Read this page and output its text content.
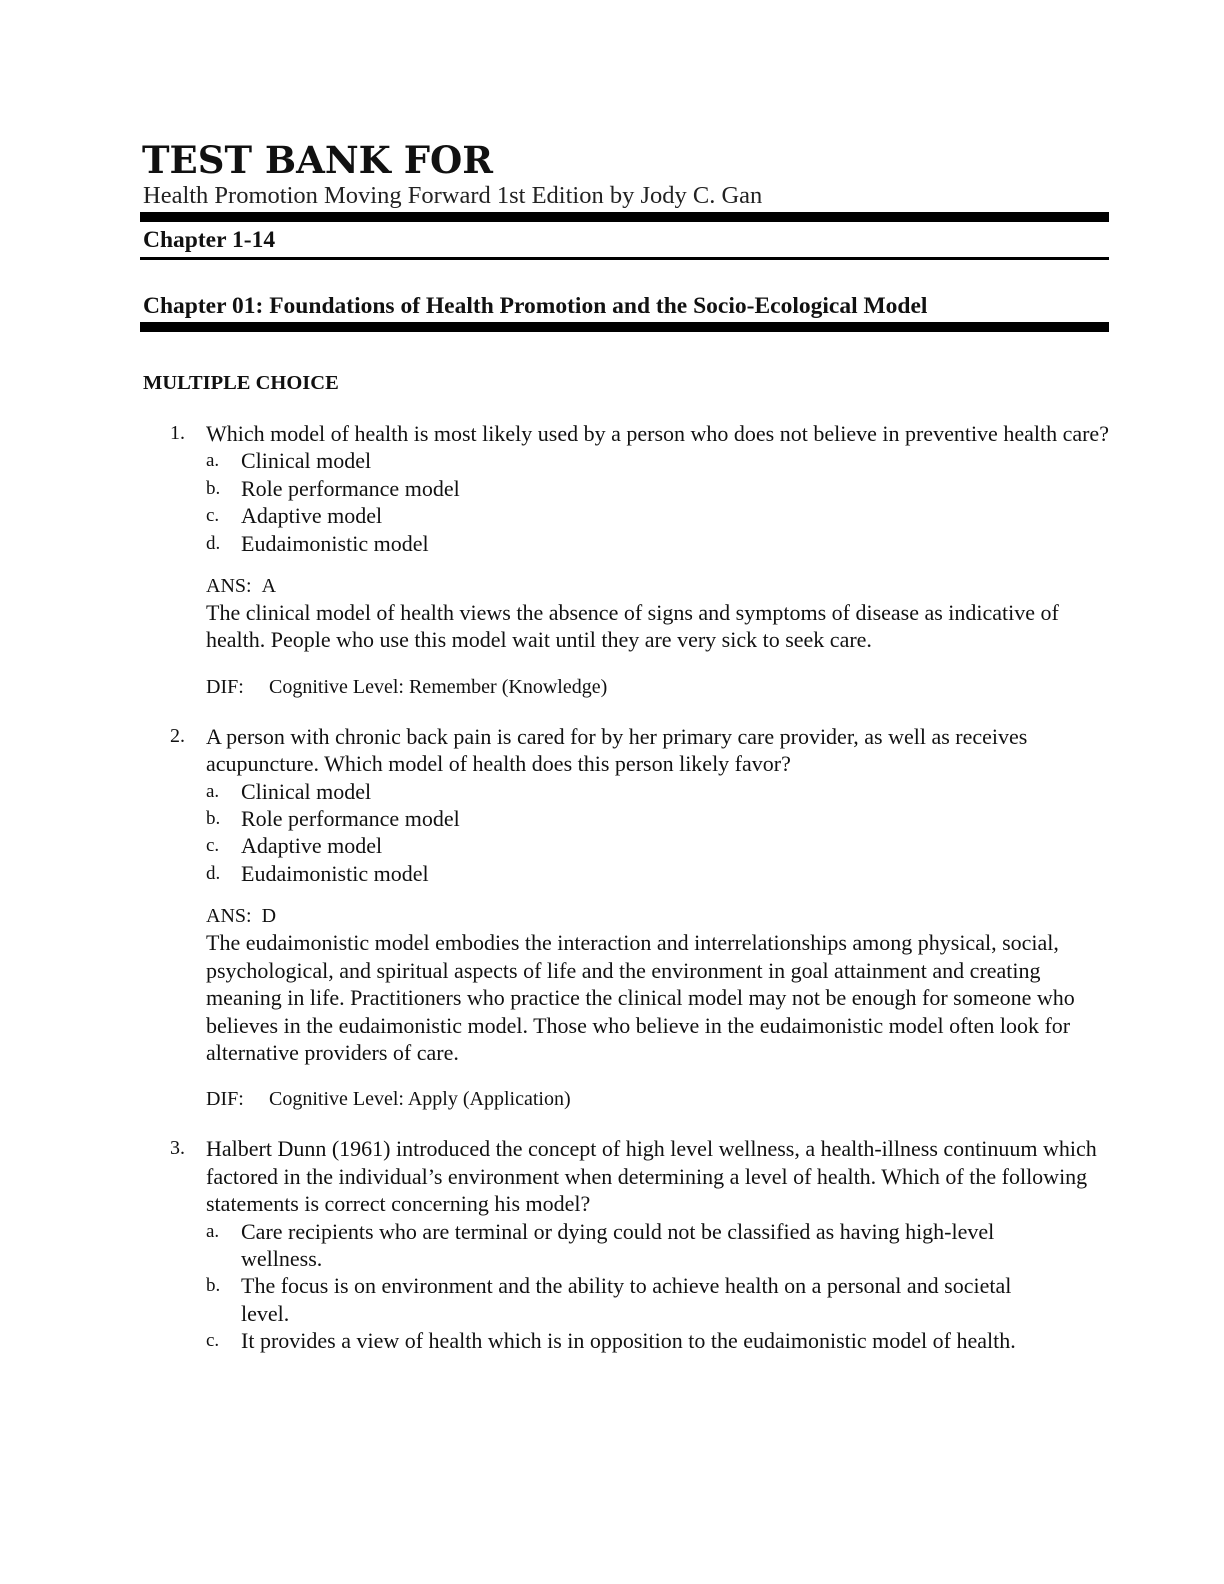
TEST BANK FOR
Health Promotion Moving Forward 1st Edition by Jody C. Gan
Chapter 1-14
Chapter 01: Foundations of Health Promotion and the Socio-Ecological Model
MULTIPLE CHOICE
1. Which model of health is most likely used by a person who does not believe in preventive health care?

a. Clinical model
b. Role performance model
c. Adaptive model
d. Eudaimonistic model
ANS: A

The clinical model of health views the absence of signs and symptoms of disease as indicative of health. People who use this model wait until they are very sick to seek care.

DIF: Cognitive Level: Remember (Knowledge)
2. A person with chronic back pain is cared for by her primary care provider, as well as receives acupuncture. Which model of health does this person likely favor?

a. Clinical model
b. Role performance model
c. Adaptive model
d. Eudaimonistic model
ANS: D

The eudaimonistic model embodies the interaction and interrelationships among physical, social, psychological, and spiritual aspects of life and the environment in goal attainment and creating meaning in life. Practitioners who practice the clinical model may not be enough for someone who believes in the eudaimonistic model. Those who believe in the eudaimonistic model often look for alternative providers of care.

DIF: Cognitive Level: Apply (Application)
3. Halbert Dunn (1961) introduced the concept of high level wellness, a health-illness continuum which factored in the individual’s environment when determining a level of health. Which of the following statements is correct concerning his model?

a. Care recipients who are terminal or dying could not be classified as having high-level wellness.
b. The focus is on environment and the ability to achieve health on a personal and societal level.
c. It provides a view of health which is in opposition to the eudaimonistic model of health.
